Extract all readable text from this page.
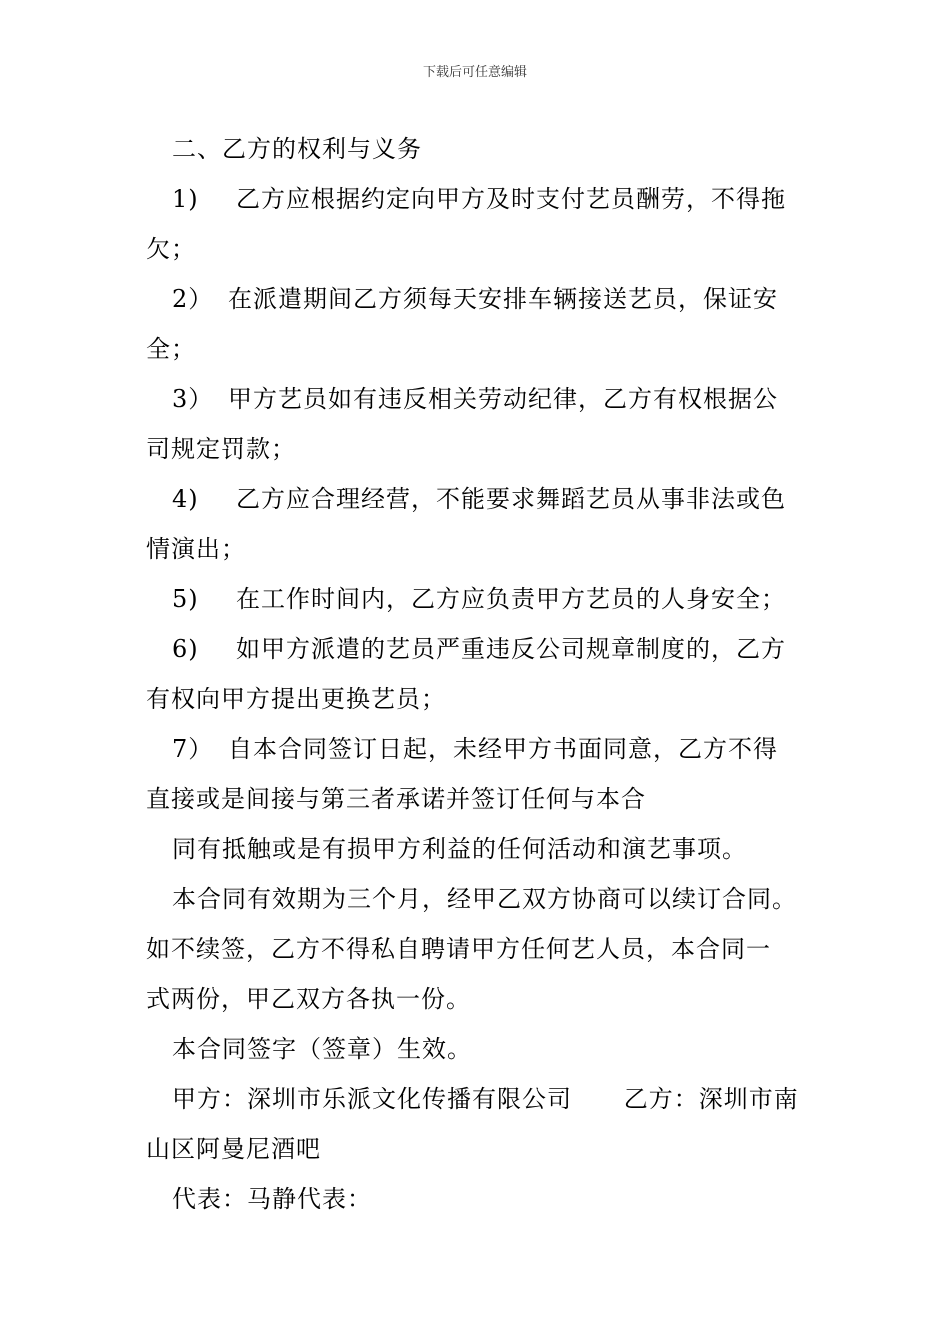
下载后可任意编辑
二、乙方的权利与义务
1) 乙方应根据约定向甲方及时支付艺员酬劳，不得拖
欠；
2） 在派遣期间乙方须每天安排车辆接送艺员，保证安
全；
3） 甲方艺员如有违反相关劳动纪律，乙方有权根据公
司规定罚款；
4) 乙方应合理经营，不能要求舞蹈艺员从事非法或色
情演出；
5) 在工作时间内，乙方应负责甲方艺员的人身安全；
6) 如甲方派遣的艺员严重违反公司规章制度的，乙方
有权向甲方提出更换艺员；
7） 自本合同签订日起，未经甲方书面同意，乙方不得
直接或是间接与第三者承诺并签订任何与本合
同有抵触或是有损甲方利益的任何活动和演艺事项。
本合同有效期为三个月，经甲乙双方协商可以续订合同。
如不续签，乙方不得私自聘请甲方任何艺人员，本合同一
式两份，甲乙双方各执一份。
本合同签字（签章）生效。
甲方：深圳市乐派文化传播有限公司      乙方：深圳市南
山区阿曼尼酒吧
代表：马静代表：
